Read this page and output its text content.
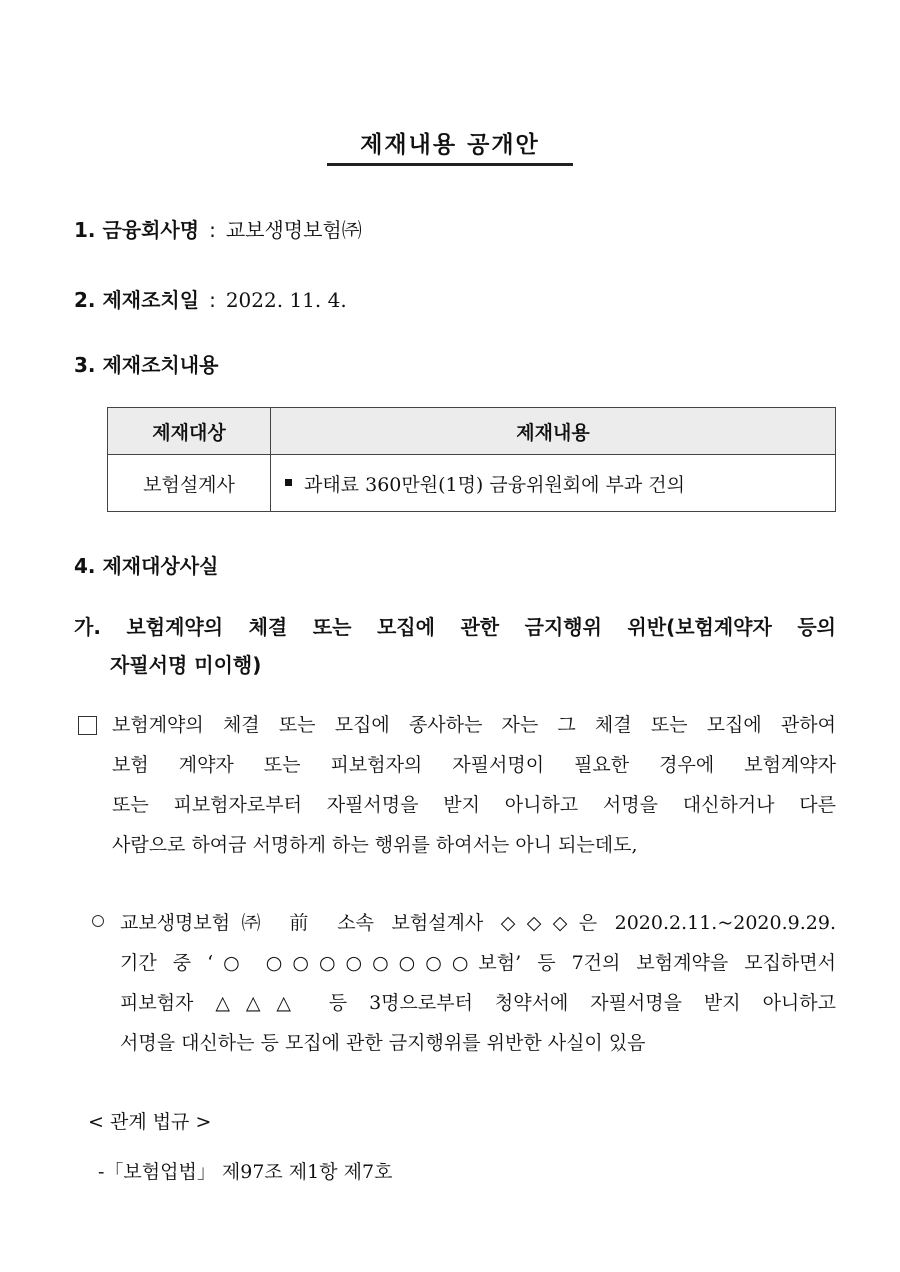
제재내용 공개안
1. 금융회사명 : 교보생명보험㈜
2. 제재조치일 : 2022. 11. 4.
3. 제재조치내용
제재대상	제재내용
보험설계사	과태료 360만원(1명) 금융위원회에 부과 건의
4. 제재대상사실
가. 보험계약의 체결 또는 모집에 관한 금지행위 위반(보험계약자 등의
자필서명 미이행)
보험계약의 체결 또는 모집에 종사하는 자는 그 체결 또는 모집에 관하여
보험 계약자 또는 피보험자의 자필서명이 필요한 경우에 보험계약자
또는 피보험자로부터 자필서명을 받지 아니하고 서명을 대신하거나 다른
사람으로 하여금 서명하게 하는 행위를 하여서는 아니 되는데도,
교보생명보험㈜ 前 소속 보험설계사 ◇◇◇은 2020.2.11.~2020.9.29.
기간 중 ‘○ ○○○○○○○○보험’ 등 7건의 보험계약을 모집하면서
피보험자 △△△ 등 3명으로부터 청약서에 자필서명을 받지 아니하고
서명을 대신하는 등 모집에 관한 금지행위를 위반한 사실이 있음
< 관계 법규 >
-「보험업법」 제97조 제1항 제7호
